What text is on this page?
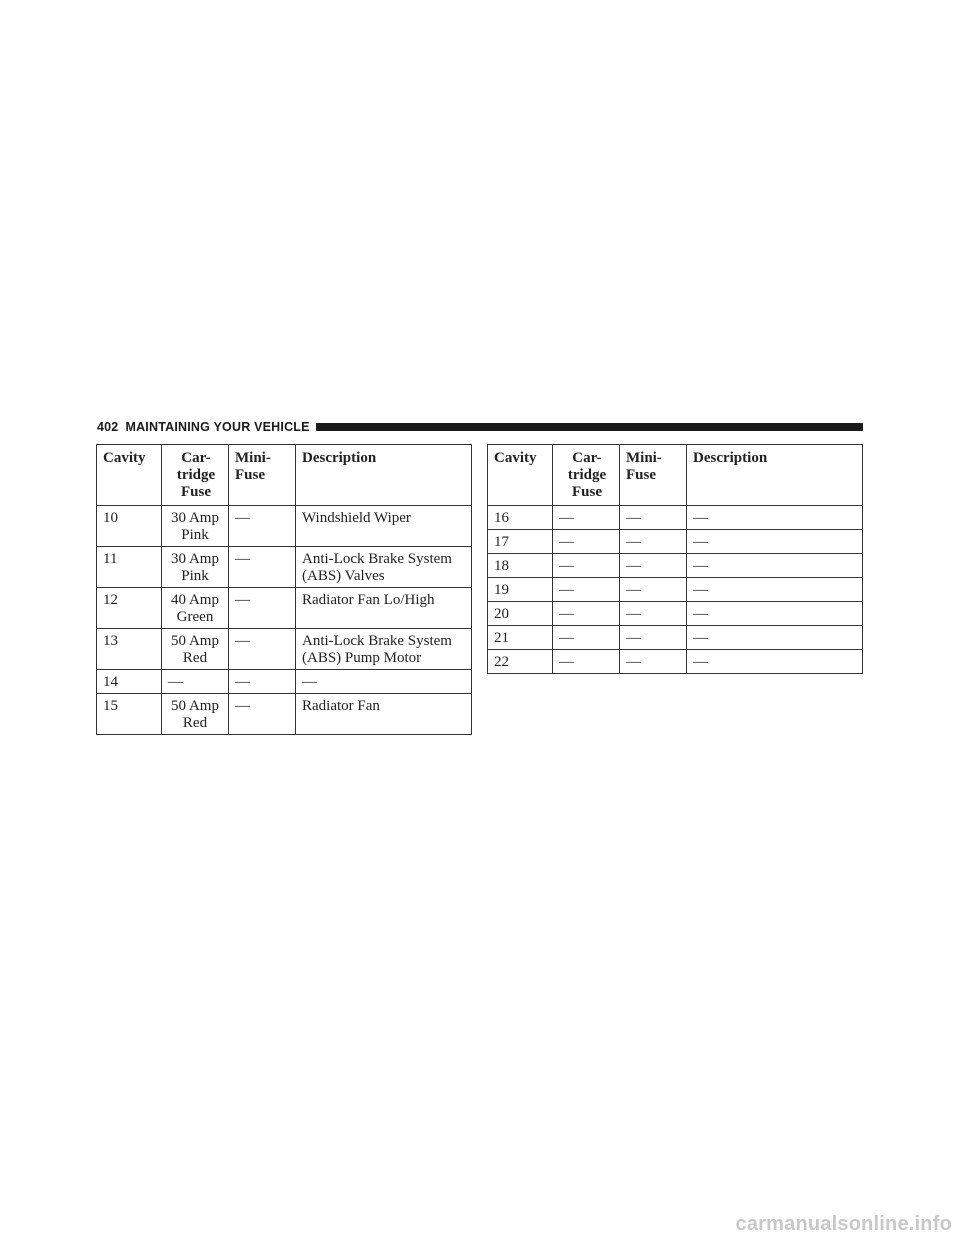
402 MAINTAINING YOUR VEHICLE
Cavity	Car-
tridge
Fuse	Mini-
Fuse	Description
10	30 Amp
Pink	—	Windshield Wiper

11	30 Amp
Pink	—	Anti-Lock Brake System
(ABS) Valves

12	40 Amp
Green	—	Radiator Fan Lo/High

13	50 Amp
Red	—	Anti-Lock Brake System
(ABS) Pump Motor

14	—	—	—

15	50 Amp
Red	—	Radiator Fan
Cavity	Car-
tridge
Fuse	Mini-
Fuse	Description
16	—	—	—

17	—	—	—

18	—	—	—

19	—	—	—

20	—	—	—

21	—	—	—

22	—	—	—
carmanualsonline.info
